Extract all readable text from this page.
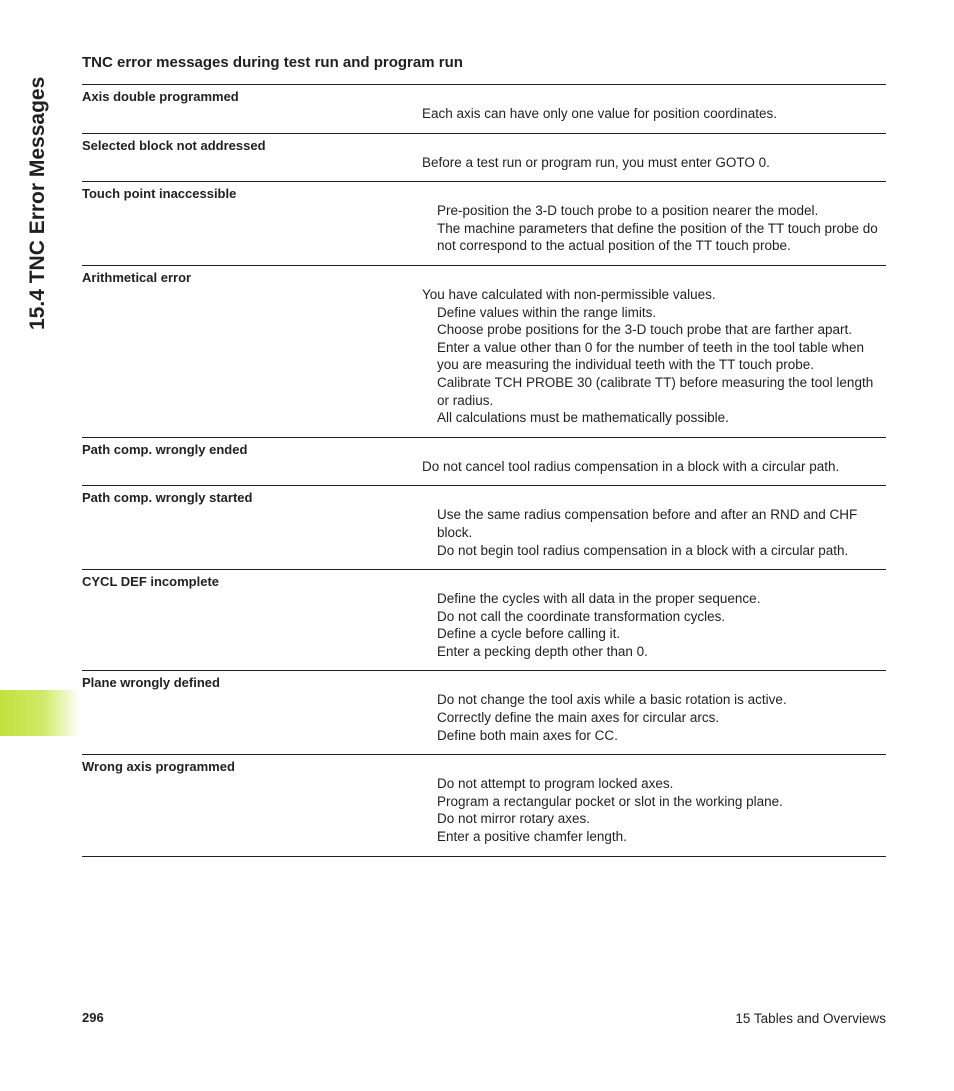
15.4 TNC Error Messages
TNC error messages during test run and program run
Axis double programmed
Each axis can have only one value for position coordinates.
Selected block not addressed
Before a test run or program run, you must enter GOTO 0.
Touch point inaccessible
Pre-position the 3-D touch probe to a position nearer the model.
The machine parameters that define the position of the TT touch probe do not correspond to the actual position of the TT touch probe.
Arithmetical error
You have calculated with non-permissible values.
Define values within the range limits.
Choose probe positions for the 3-D touch probe that are farther apart.
Enter a value other than 0 for the number of teeth in the tool table when you are measuring the individual teeth with the TT touch probe.
Calibrate TCH PROBE 30 (calibrate TT) before measuring the tool length or radius.
All calculations must be mathematically possible.
Path comp. wrongly ended
Do not cancel tool radius compensation in a block with a circular path.
Path comp. wrongly started
Use the same radius compensation before and after an RND and CHF block.
Do not begin tool radius compensation in a block with a circular path.
CYCL DEF incomplete
Define the cycles with all data in the proper sequence.
Do not call the coordinate transformation cycles.
Define a cycle before calling it.
Enter a pecking depth other than 0.
Plane wrongly defined
Do not change the tool axis while a basic rotation is active.
Correctly define the main axes for circular arcs.
Define both main axes for CC.
Wrong axis programmed
Do not attempt to program locked axes.
Program a rectangular pocket or slot in the working plane.
Do not mirror rotary axes.
Enter a positive chamfer length.
296	15 Tables and Overviews
